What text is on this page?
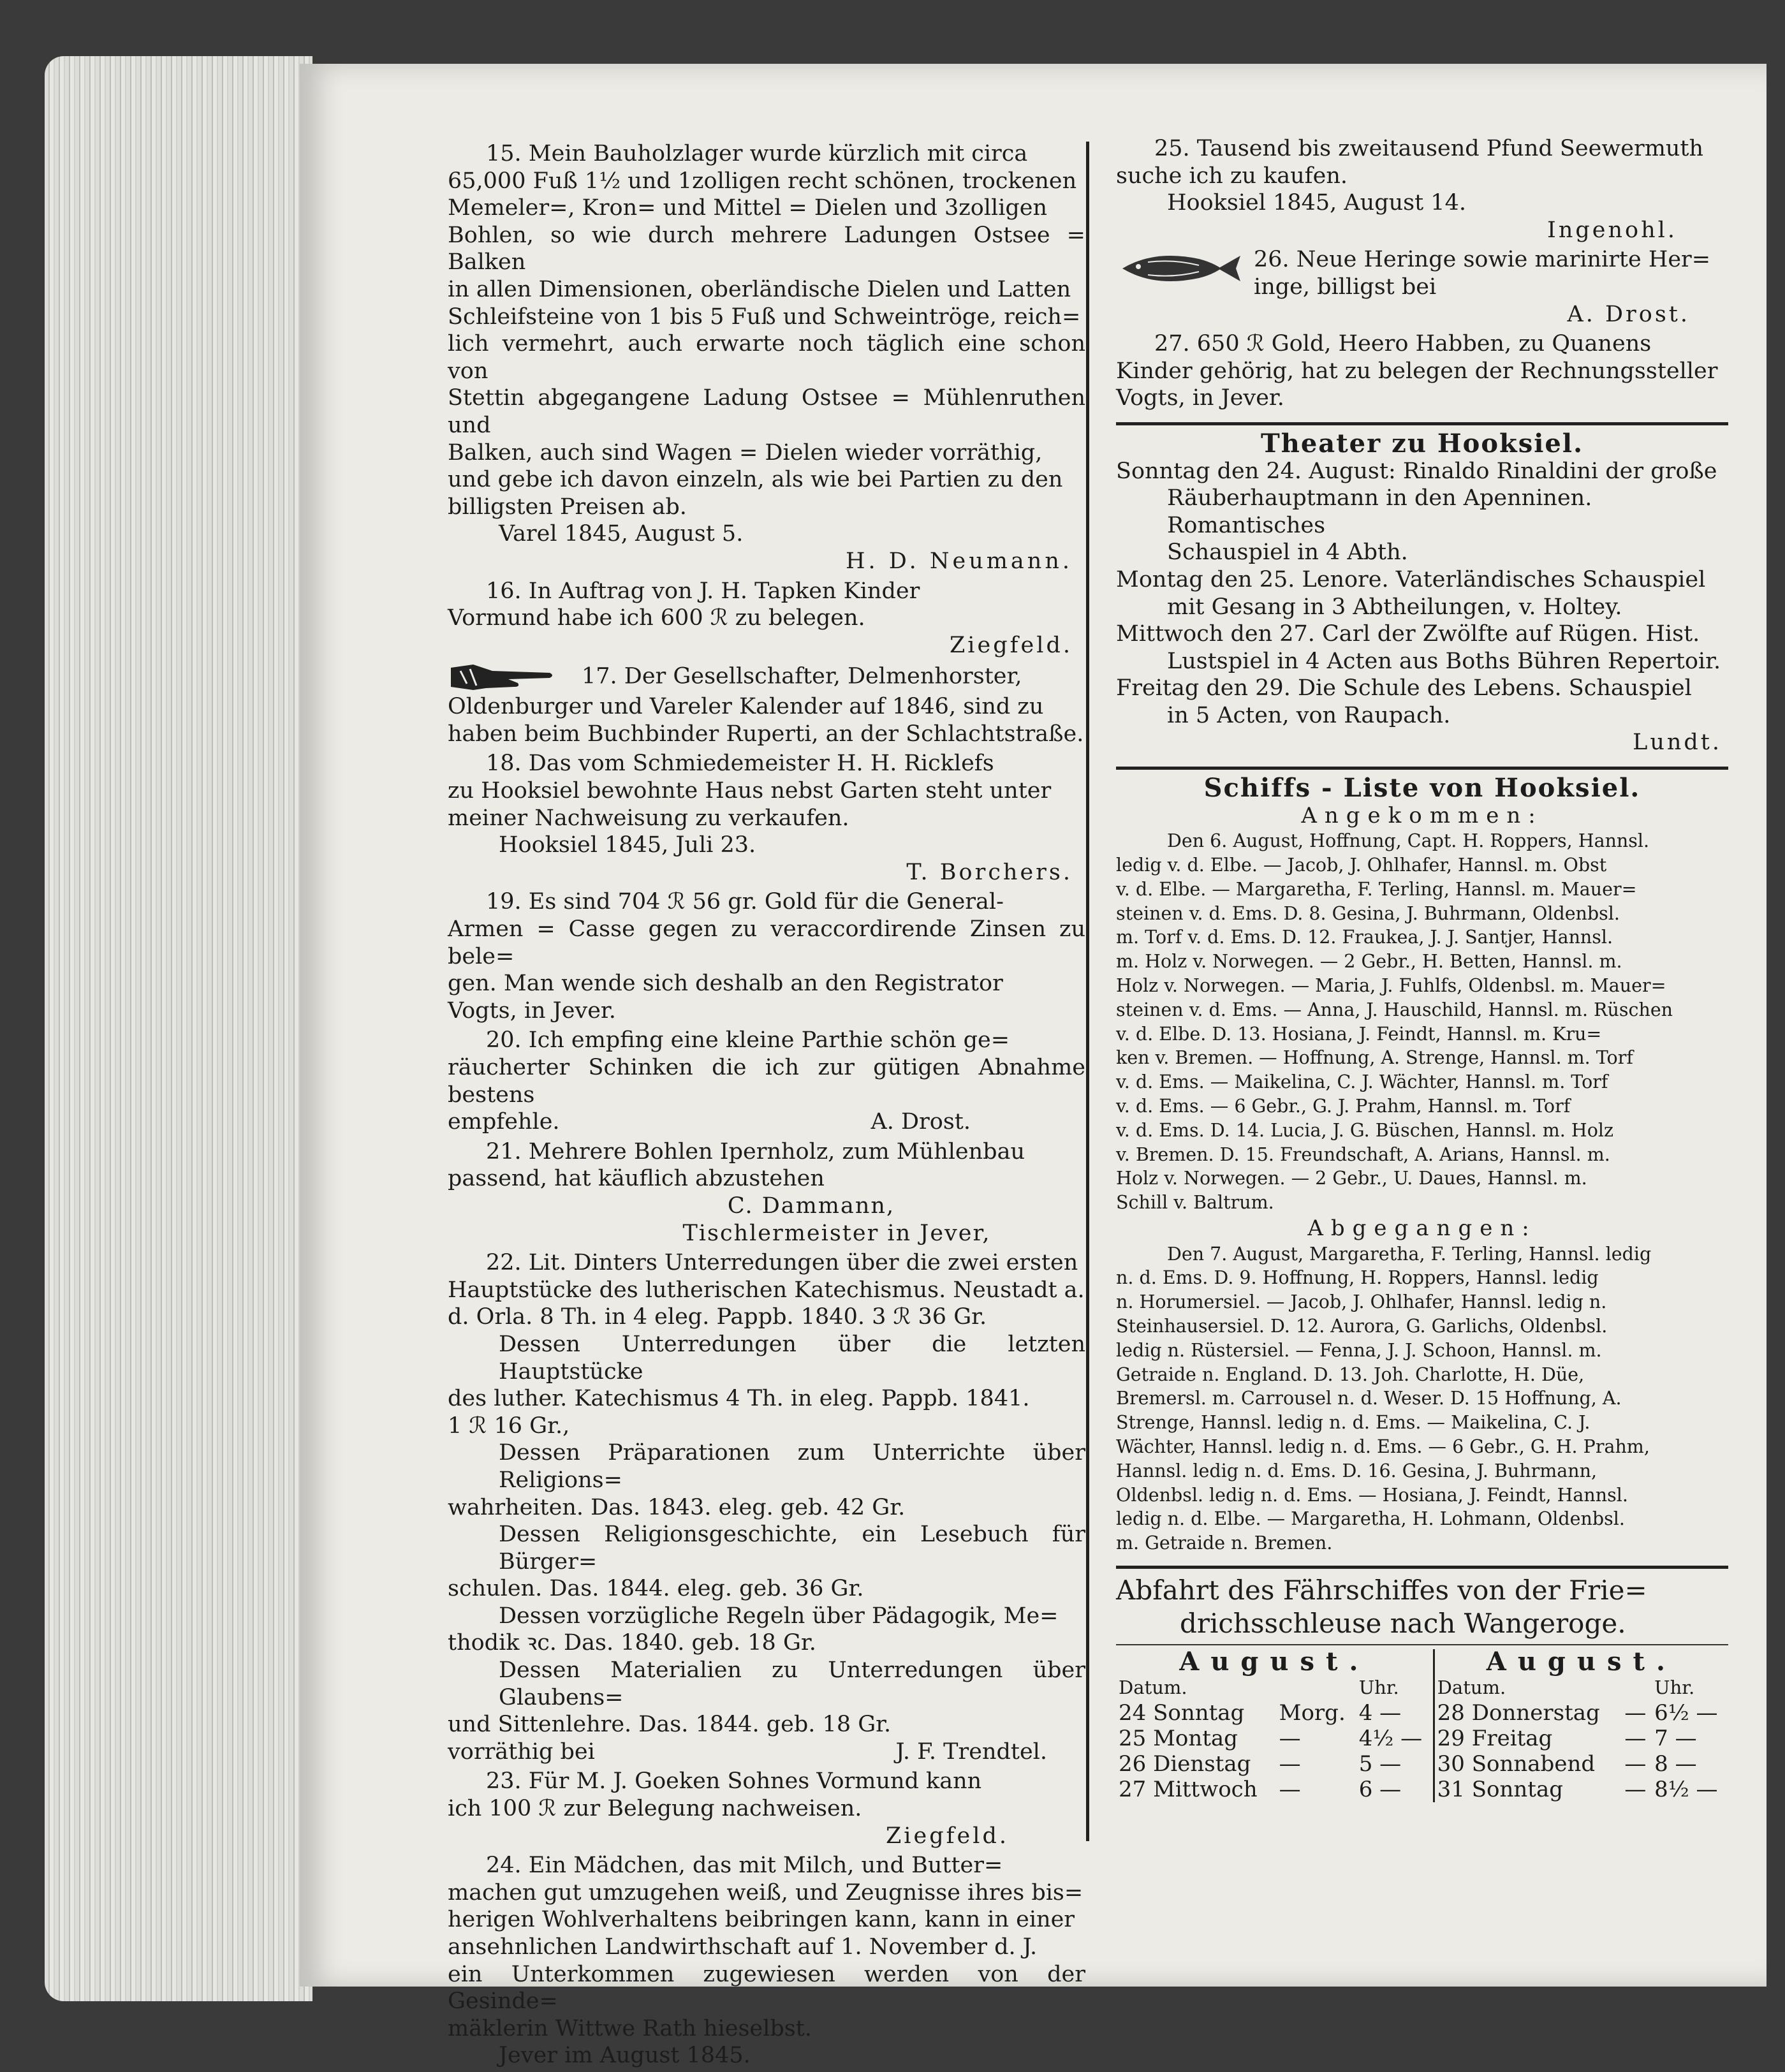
15. Mein Bauholzlager wurde kürzlich mit circa
65,000 Fuß 1½ und 1zolligen recht schönen, trockenen
Memeler=, Kron= und Mittel = Dielen und 3zolligen
Bohlen, so wie durch mehrere Ladungen Ostsee = Balken
in allen Dimensionen, oberländische Dielen und Latten
Schleifsteine von 1 bis 5 Fuß und Schweintröge, reich=
lich vermehrt, auch erwarte noch täglich eine schon von
Stettin abgegangene Ladung Ostsee = Mühlenruthen und
Balken, auch sind Wagen = Dielen wieder vorräthig,
und gebe ich davon einzeln, als wie bei Partien zu den
billigsten Preisen ab.
Varel 1845, August 5.
H. D. Neumann.
16. In Auftrag von J. H. Tapken Kinder
Vormund habe ich 600 ℛ zu belegen.
Ziegfeld.
17. Der Gesellschafter, Delmenhorster,
Oldenburger und Vareler Kalender auf 1846, sind zu
haben beim Buchbinder Ruperti, an der Schlachtstraße.
18. Das vom Schmiedemeister H. H. Ricklefs
zu Hooksiel bewohnte Haus nebst Garten steht unter
meiner Nachweisung zu verkaufen.
Hooksiel 1845, Juli 23.
T. Borchers.
19. Es sind 704 ℛ 56 gr. Gold für die General-
Armen = Casse gegen zu veraccordirende Zinsen zu bele=
gen. Man wende sich deshalb an den Registrator
Vogts, in Jever.
20. Ich empfing eine kleine Parthie schön ge=
räucherter Schinken die ich zur gütigen Abnahme bestens
empfehle.	A. Drost.
21. Mehrere Bohlen Ipernholz, zum Mühlenbau
passend, hat käuflich abzustehen
C. Dammann,
Tischlermeister in Jever,
22. Lit. Dinters Unterredungen über die zwei ersten
Hauptstücke des lutherischen Katechismus. Neustadt a.
d. Orla. 8 Th. in 4 eleg. Pappb. 1840. 3 ℛ 36 Gr.
Dessen Unterredungen über die letzten Hauptstücke
des luther. Katechismus 4 Th. in eleg. Pappb. 1841.
1 ℛ 16 Gr.,
Dessen Präparationen zum Unterrichte über Religions=
wahrheiten. Das. 1843. eleg. geb. 42 Gr.
Dessen Religionsgeschichte, ein Lesebuch für Bürger=
schulen. Das. 1844. eleg. geb. 36 Gr.
Dessen vorzügliche Regeln über Pädagogik, Me=
thodik ꝛc. Das. 1840. geb. 18 Gr.
Dessen Materialien zu Unterredungen über Glaubens=
und Sittenlehre. Das. 1844. geb. 18 Gr.
vorräthig bei	J. F. Trendtel.
23. Für M. J. Goeken Sohnes Vormund kann
ich 100 ℛ zur Belegung nachweisen.
Ziegfeld.
24. Ein Mädchen, das mit Milch, und Butter=
machen gut umzugehen weiß, und Zeugnisse ihres bis=
herigen Wohlverhaltens beibringen kann, kann in einer
ansehnlichen Landwirthschaft auf 1. November d. J.
ein Unterkommen zugewiesen werden von der Gesinde=
mäklerin Wittwe Rath hieselbst.
Jever im August 1845.
25. Tausend bis zweitausend Pfund Seewermuth
suche ich zu kaufen.
Hooksiel 1845, August 14.
Ingenohl.
26. Neue Heringe sowie marinirte Her=
inge, billigst bei
A. Drost.
27. 650 ℛ Gold, Heero Habben, zu Quanens
Kinder gehörig, hat zu belegen der Rechnungssteller
Vogts, in Jever.
Theater zu Hooksiel.
Sonntag den 24. August: Rinaldo Rinaldini der große
Räuberhauptmann in den Apenninen. Romantisches
Schauspiel in 4 Abth.
Montag den 25. Lenore. Vaterländisches Schauspiel
mit Gesang in 3 Abtheilungen, v. Holtey.
Mittwoch den 27. Carl der Zwölfte auf Rügen. Hist.
Lustspiel in 4 Acten aus Boths Bühren Repertoir.
Freitag den 29. Die Schule des Lebens. Schauspiel
in 5 Acten, von Raupach.
Lundt.
Schiffs - Liste von Hooksiel.
Angekommen:
Den 6. August, Hoffnung, Capt. H. Roppers, Hannsl.
ledig v. d. Elbe. — Jacob, J. Ohlhafer, Hannsl. m. Obst
v. d. Elbe. — Margaretha, F. Terling, Hannsl. m. Mauer=
steinen v. d. Ems. D. 8. Gesina, J. Buhrmann, Oldenbsl.
m. Torf v. d. Ems. D. 12. Fraukea, J. J. Santjer, Hannsl.
m. Holz v. Norwegen. — 2 Gebr., H. Betten, Hannsl. m.
Holz v. Norwegen. — Maria, J. Fuhlfs, Oldenbsl. m. Mauer=
steinen v. d. Ems. — Anna, J. Hauschild, Hannsl. m. Rüschen
v. d. Elbe. D. 13. Hosiana, J. Feindt, Hannsl. m. Kru=
ken v. Bremen. — Hoffnung, A. Strenge, Hannsl. m. Torf
v. d. Ems. — Maikelina, C. J. Wächter, Hannsl. m. Torf
v. d. Ems. — 6 Gebr., G. J. Prahm, Hannsl. m. Torf
v. d. Ems. D. 14. Lucia, J. G. Büschen, Hannsl. m. Holz
v. Bremen. D. 15. Freundschaft, A. Arians, Hannsl. m.
Holz v. Norwegen. — 2 Gebr., U. Daues, Hannsl. m.
Schill v. Baltrum.
Abgegangen:
Den 7. August, Margaretha, F. Terling, Hannsl. ledig
n. d. Ems. D. 9. Hoffnung, H. Roppers, Hannsl. ledig
n. Horumersiel. — Jacob, J. Ohlhafer, Hannsl. ledig n.
Steinhausersiel. D. 12. Aurora, G. Garlichs, Oldenbsl.
ledig n. Rüstersiel. — Fenna, J. J. Schoon, Hannsl. m.
Getraide n. England. D. 13. Joh. Charlotte, H. Düe,
Bremersl. m. Carrousel n. d. Weser. D. 15 Hoffnung, A.
Strenge, Hannsl. ledig n. d. Ems. — Maikelina, C. J.
Wächter, Hannsl. ledig n. d. Ems. — 6 Gebr., G. H. Prahm,
Hannsl. ledig n. d. Ems. D. 16. Gesina, J. Buhrmann,
Oldenbsl. ledig n. d. Ems. — Hosiana, J. Feindt, Hannsl.
ledig n. d. Elbe. — Margaretha, H. Lohmann, Oldenbsl.
m. Getraide n. Bremen.
Abfahrt des Fährschiffes von der Frie=
drichsschleuse nach Wangeroge.
August.			August.		
Datum.		Uhr.	Datum.		Uhr.
24 Sonntag	Morg.	4 —	28 Donnerstag	—	6½ —
25 Montag	—	4½ —	29 Freitag	—	7 —
26 Dienstag	—	5 —	30 Sonnabend	—	8 —
27 Mittwoch	—	6 —	31 Sonntag	—	8½ —
